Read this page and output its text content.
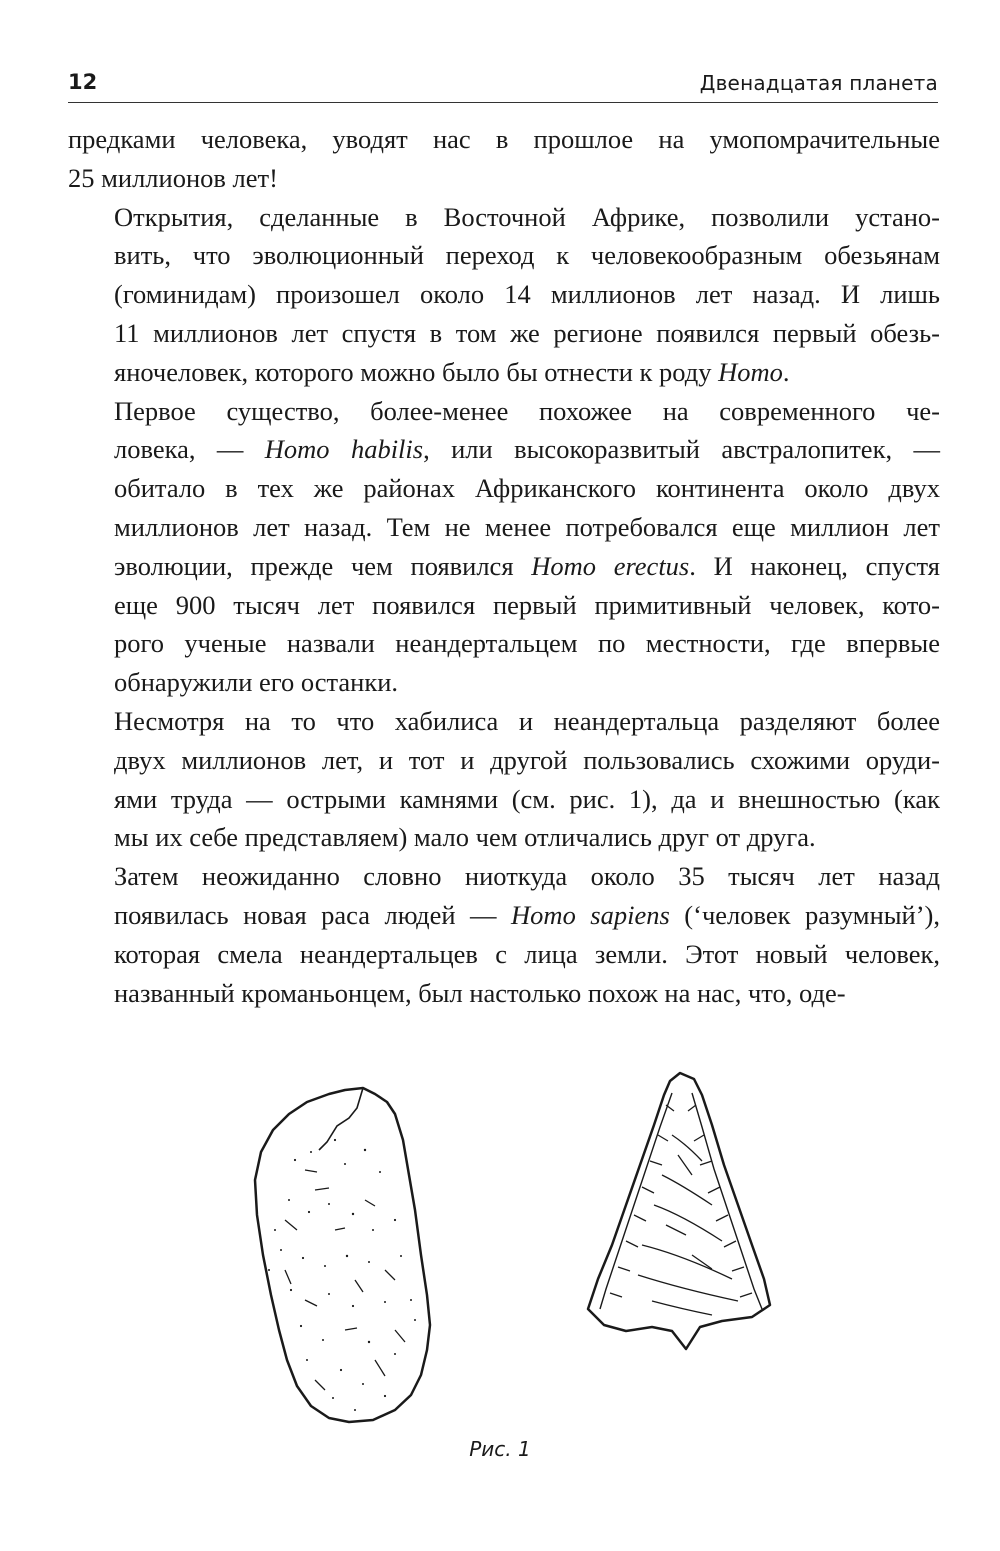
12	Двенадцатая планета

предками человека, уводят нас в прошлое на умопомрачительные
25 миллионов лет!

Открытия, сделанные в Восточной Африке, позволили устано-
вить, что эволюционный переход к человекообразным обезьянам
(гоминидам) произошел около 14 миллионов лет назад. И лишь
11 миллионов лет спустя в том же регионе появился первый обезь-
яночеловек, которого можно было бы отнести к роду Homo.

Первое существо, более-менее похожее на современного че-
ловека, — Homo habilis, или высокоразвитый австралопитек, —
обитало в тех же районах Африканского континента около двух
миллионов лет назад. Тем не менее потребовался еще миллион лет
эволюции, прежде чем появился Homo erectus. И наконец, спустя
еще 900 тысяч лет появился первый примитивный человек, кото-
рого ученые назвали неандертальцем по местности, где впервые
обнаружили его останки.

Несмотря на то что хабилиса и неандертальца разделяют более
двух миллионов лет, и тот и другой пользовались схожими оруди-
ями труда — острыми камнями (см. рис. 1), да и внешностью (как
мы их себе представляем) мало чем отличались друг от друга.

Затем неожиданно словно ниоткуда около 35 тысяч лет назад
появилась новая раса людей — Homo sapiens (‘человек разумный’),
которая смела неандертальцев с лица земли. Этот новый человек,
названный кроманьонцем, был настолько похож на нас, что, оде-

Рис. 1
